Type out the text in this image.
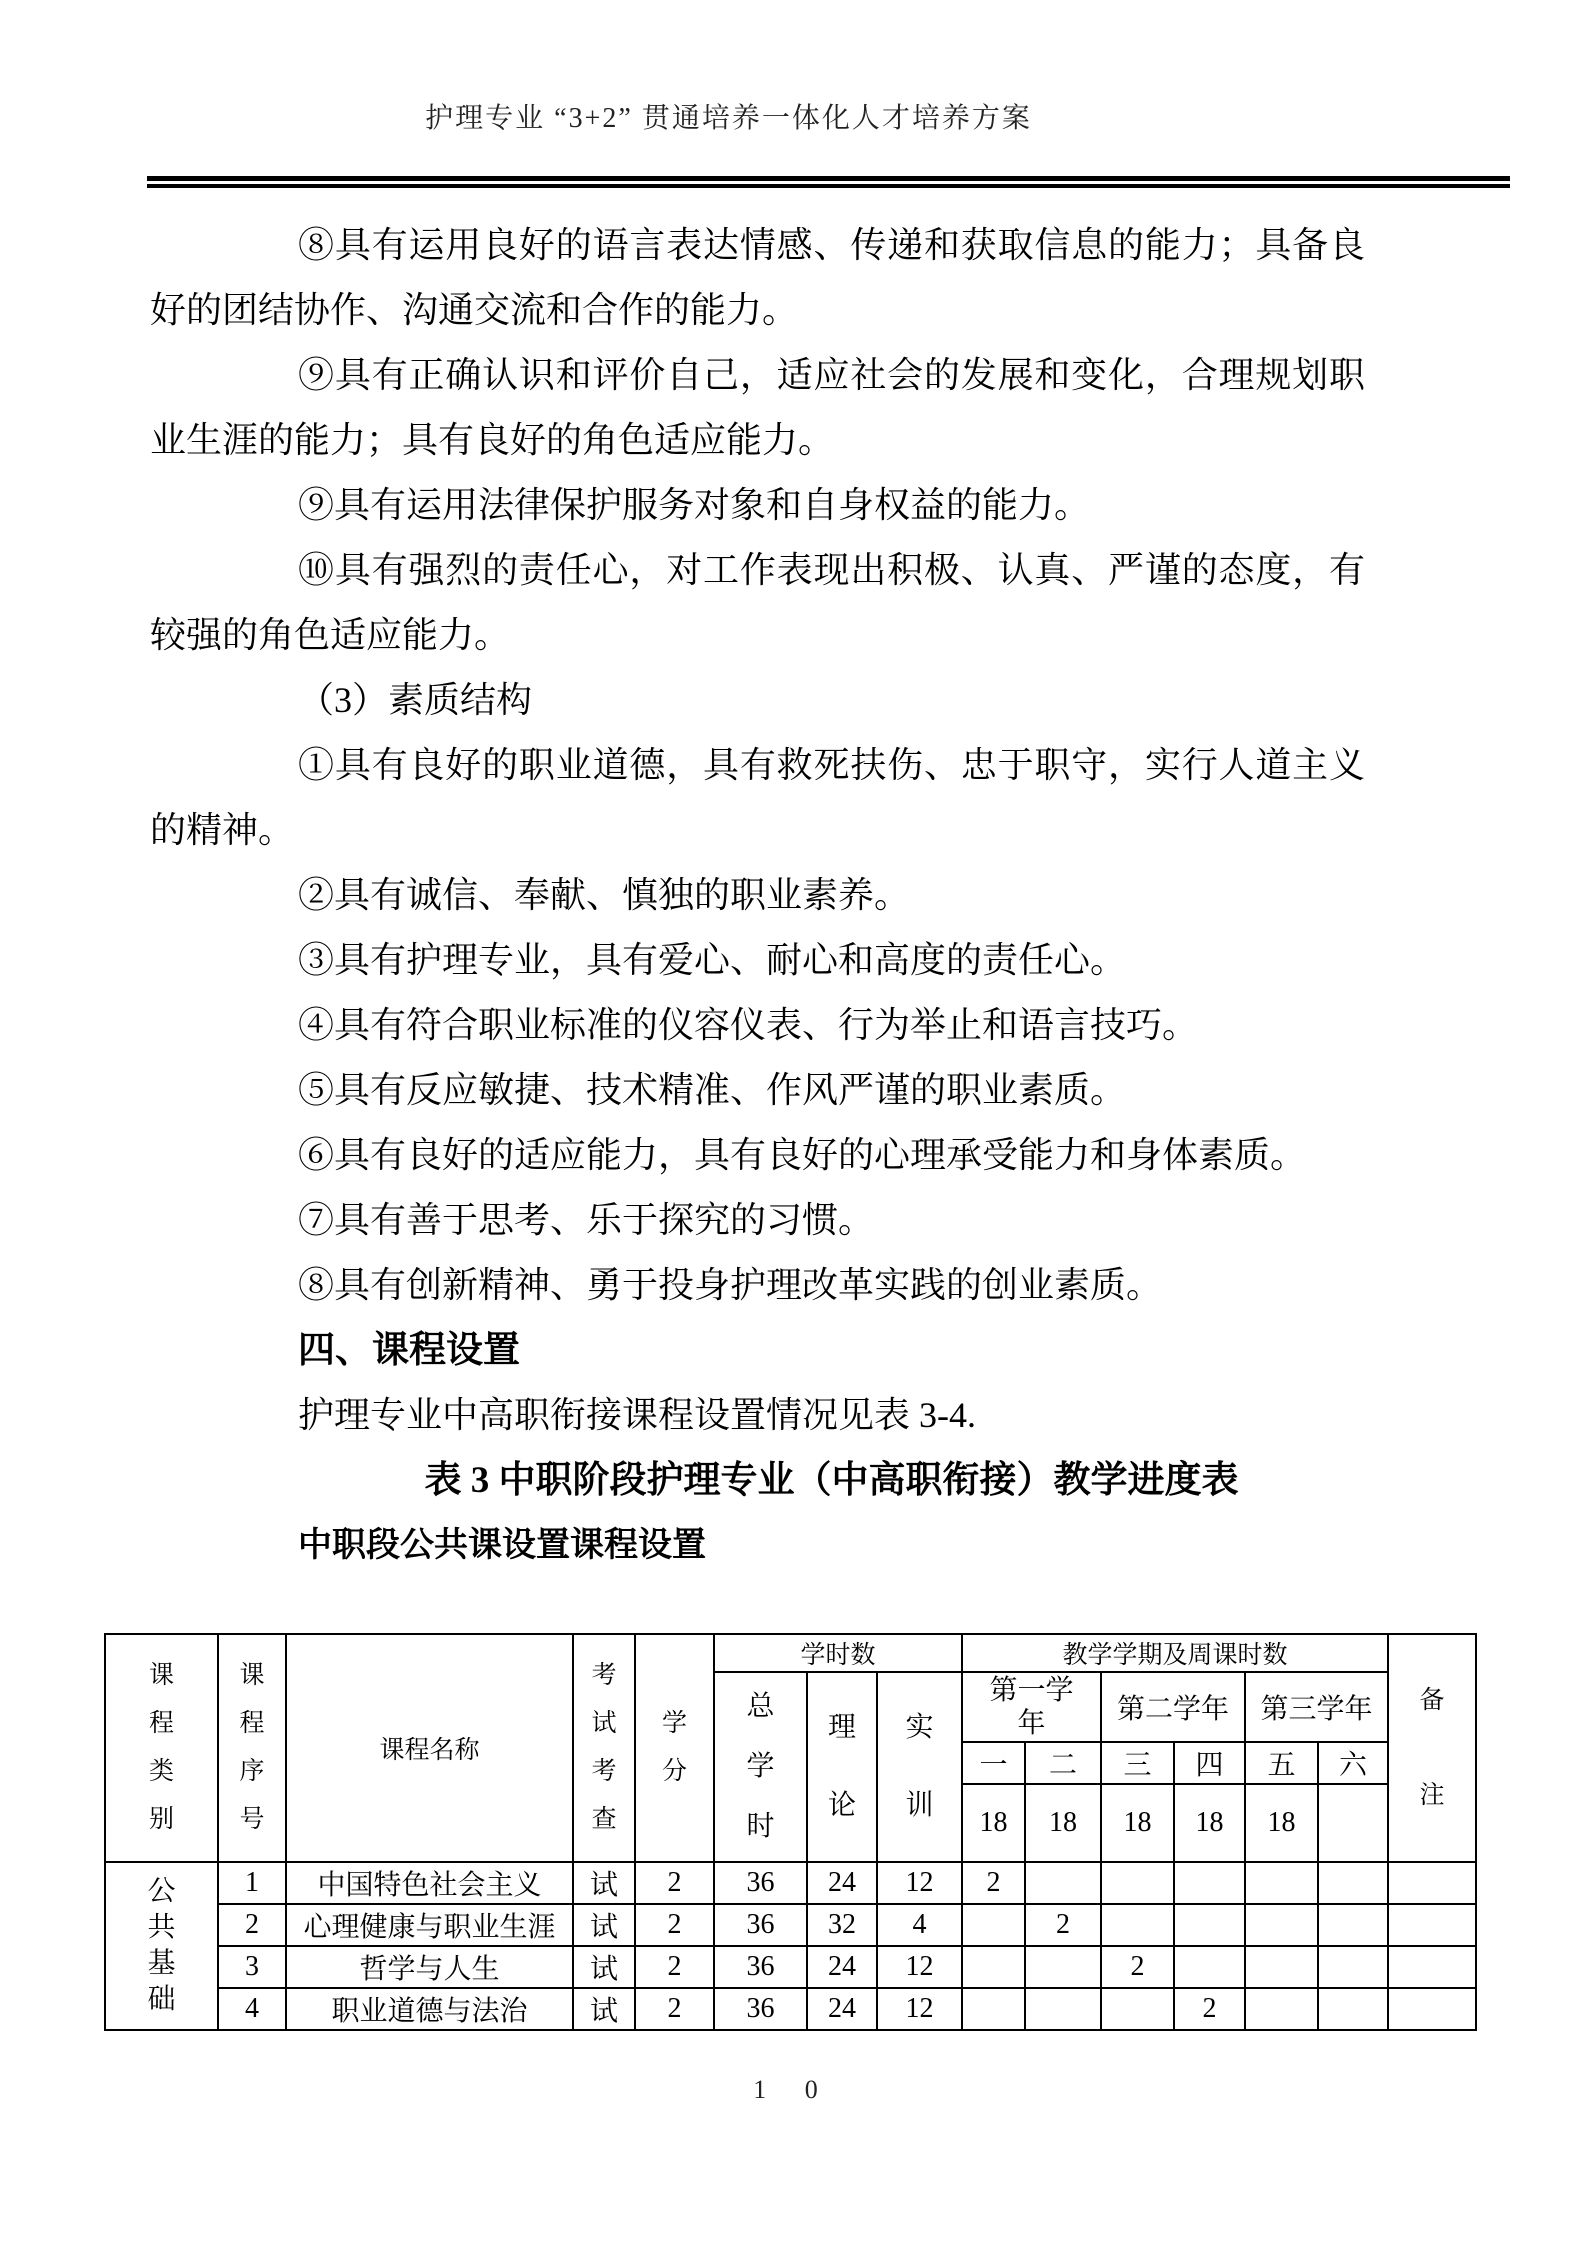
护理专业 “3+2” 贯通培养一体化人才培养方案

⑧具有运用良好的语言表达情感、传递和获取信息的能力；具备良好的团结协作、沟通交流和合作的能力。

⑨具有正确认识和评价自己，适应社会的发展和变化，合理规划职业生涯的能力；具有良好的角色适应能力。

⑨具有运用法律保护服务对象和自身权益的能力。

⑩具有强烈的责任心，对工作表现出积极、认真、严谨的态度，有较强的角色适应能力。

（3）素质结构

①具有良好的职业道德，具有救死扶伤、忠于职守，实行人道主义的精神。

②具有诚信、奉献、慎独的职业素养。

③具有护理专业，具有爱心、耐心和高度的责任心。

④具有符合职业标准的仪容仪表、行为举止和语言技巧。

⑤具有反应敏捷、技术精准、作风严谨的职业素质。

⑥具有良好的适应能力，具有良好的心理承受能力和身体素质。

⑦具有善于思考、乐于探究的习惯。

⑧具有创新精神、勇于投身护理改革实践的创业素质。

四、课程设置

护理专业中高职衔接课程设置情况见表 3-4.

表 3 中职阶段护理专业（中高职衔接）教学进度表

中职段公共课设置课程设置

课程类别	课程序号	课程名称	考试考查	学分	学时数			教学学期及周课时数						备注

					总学时	理论	实训	第一学年		第二学年		第三学年		
								一	二	三	四	五	六	
								18	18	18	18	18		

公共基础	1	中国特色社会主义	试	2	36	24	12	2						
	2	心理健康与职业生涯	试	2	36	32	4		2					
	3	哲学与人生	试	2	36	24	12			2				
	4	职业道德与法治	试	2	36	24	12				2			
1 0
